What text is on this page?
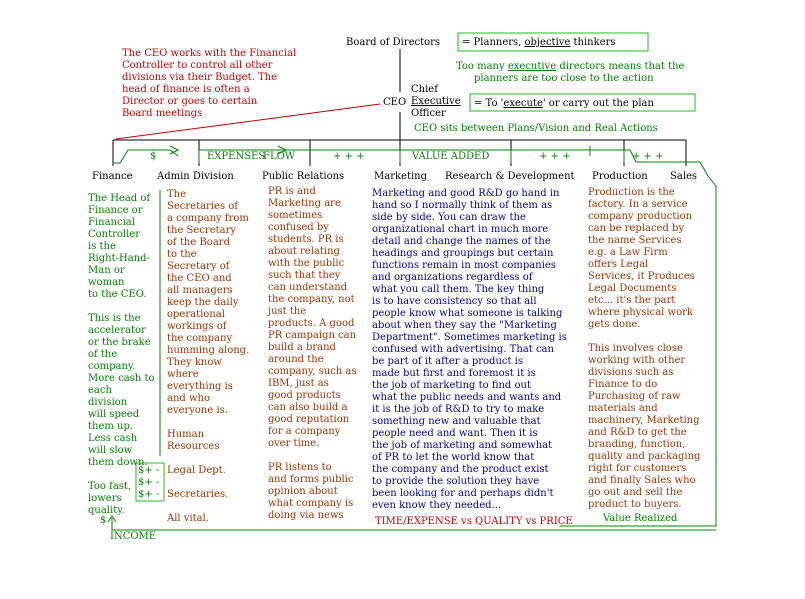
Board of Directors = Planners, objective thinkers
Too many executive directors means that the
planners are too close to the action
CEO
Chief
Executive
Officer
= To 'execute' or carry out the plan
CEO sits between Plans/Vision and Real Actions
The CEO works with the Financial
Controller to control all other
divisions via their Budget. The
head of finance is often a
Director or goes to certain
Board meetings
$	EXPENSES
FLOW	+ + +	VALUE ADDED	+ + +	+ + +
Finance Admin Division	Public Relations	Marketing Research & Development Production Sales
The Head of
Finance or
Financial
Controller
is the
Right-Hand-
Man or woman
to the CEO.
This is the
accelerator
or the brake
of the
company.
More cash to
each
division
will speed
them up.
Less cash
will slow
them down.
Too fast,
lowers
quality.
$+ -
$+ -
$+ -
$
INCOME
The
Secretaries of
a company from
the Secretary
of the Board
to the
Secretary of
the CEO and
all managers
keep the daily
operational
workings of
the company
humming along.
They know
where
everything is
and who
everyone is.
Human
Resources
Legal Dept.
Secretaries.
All vital.
PR is and
Marketing are
sometimes
confused by
students. PR is
about relating
with the public
such that they
can understand
the company, not
just the
products. A good
PR campaign can
build a brand
around the
company, such as
IBM, just as
good products
can also build a
good reputation
for a company
over time.
PR listens to
and forms public
opinion about
what company is
doing via news
Marketing and good R&D go hand in
hand so I normally think of them as
side by side. You can draw the
organizational chart in much more
detail and change the names of the
headings and groupings but certain
functions remain in most companies
and organizations regardless of
what you call them. The key thing
is to have consistency so that all
people know what someone is talking
about when they say the "Marketing
Department". Sometimes marketing is
confused with advertising. That can
be part of it after a product is
made but first and foremost it is
the job of marketing to find out
what the public needs and wants and
it is the job of R&D to try to make
something new and valuable that
people need and want. Then it is
the job of marketing and somewhat
of PR to let the world know that
the company and the product exist
to provide the solution they have
been looking for and perhaps didn't
even know they needed...
TIME/EXPENSE vs QUALITY vs PRICE
Production is the
factory. In a service
company production
can be replaced by
the name Services
e.g. a Law Firm
offers Legal
Services, it Produces
Legal Documents
etc... it's the part
where physical work
gets done.
This involves close
working with other
divisions such as
Finance to do
Purchasing of raw
materials and
machinery, Marketing
and R&D to get the
branding, function,
quality and packaging
right for customers
and finally Sales who
go out and sell the
product to buyers.
Value Realized
